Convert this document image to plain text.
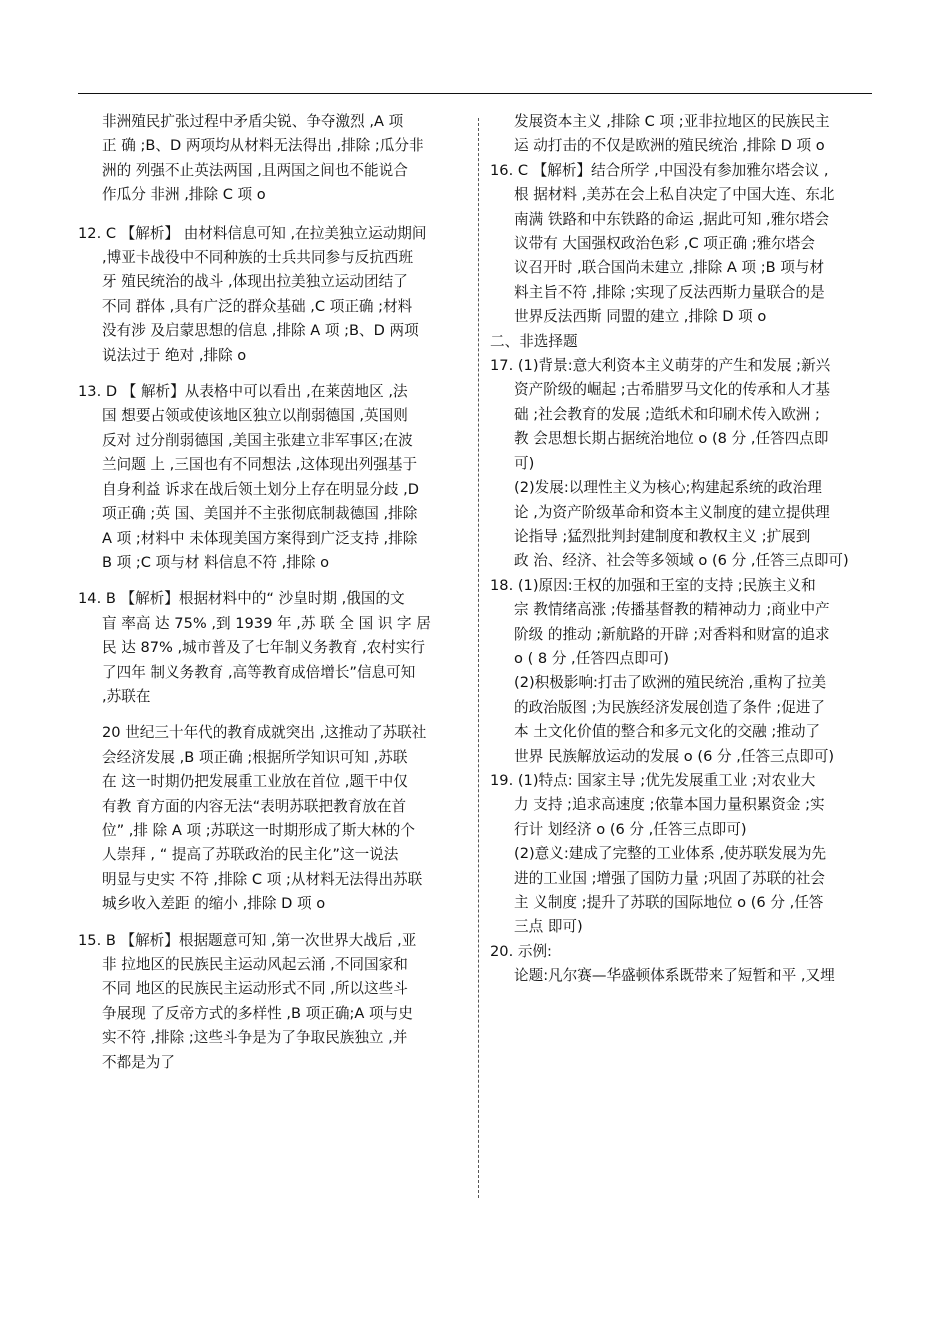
非洲殖民扩张过程中矛盾尖锐、争夺激烈 ,A 项
正 确 ;B、D 两项均从材料无法得出 ,排除 ;瓜分非
洲的 列强不止英法两国 ,且两国之间也不能说合
作瓜分 非洲 ,排除 C 项 o
12. C 【解析】 由材料信息可知 ,在拉美独立运动期间
,博亚卡战役中不同种族的士兵共同参与反抗西班
牙 殖民统治的战斗 ,体现出拉美独立运动团结了
不同 群体 ,具有广泛的群众基础 ,C 项正确 ;材料
没有涉 及启蒙思想的信息 ,排除 A 项 ;B、D 两项
说法过于 绝对 ,排除 o
13. D 【 解析】从表格中可以看出 ,在莱茵地区 ,法
国 想要占领或使该地区独立以削弱德国 ,英国则
反对 过分削弱德国 ,美国主张建立非军事区;在波
兰问题 上 ,三国也有不同想法 ,这体现出列强基于
自身利益 诉求在战后领土划分上存在明显分歧 ,D
项正确 ;英 国、美国并不主张彻底制裁德国 ,排除
A 项 ;材料中 未体现美国方案得到广泛支持 ,排除
B 项 ;C 项与材 料信息不符 ,排除 o
14. B 【解析】根据材料中的“ 沙皇时期 ,俄国的文
盲 率高 达 75% ,到 1939 年 ,苏 联 全 国 识 字 居
民 达 87% ,城市普及了七年制义务教育 ,农村实行
了四年 制义务教育 ,高等教育成倍增长”信息可知
,苏联在
20 世纪三十年代的教育成就突出 ,这推动了苏联社
会经济发展 ,B 项正确 ;根据所学知识可知 ,苏联
在 这一时期仍把发展重工业放在首位 ,题干中仅
有教 育方面的内容无法“表明苏联把教育放在首
位” ,排 除 A 项 ;苏联这一时期形成了斯大林的个
人崇拜 , “ 提高了苏联政治的民主化”这一说法
明显与史实 不符 ,排除 C 项 ;从材料无法得出苏联
城乡收入差距 的缩小 ,排除 D 项 o
15. B 【解析】根据题意可知 ,第一次世界大战后 ,亚
非 拉地区的民族民主运动风起云涌 ,不同国家和
不同 地区的民族民主运动形式不同 ,所以这些斗
争展现 了反帝方式的多样性 ,B 项正确;A 项与史
实不符 ,排除 ;这些斗争是为了争取民族独立 ,并
不都是为了
发展资本主义 ,排除 C 项 ;亚非拉地区的民族民主
运 动打击的不仅是欧洲的殖民统治 ,排除 D 项 o
16. C 【解析】结合所学 ,中国没有参加雅尔塔会议 ,
根 据材料 ,美苏在会上私自决定了中国大连、东北
南满 铁路和中东铁路的命运 ,据此可知 ,雅尔塔会
议带有 大国强权政治色彩 ,C 项正确 ;雅尔塔会
议召开时 ,联合国尚未建立 ,排除 A 项 ;B 项与材
料主旨不符 ,排除 ;实现了反法西斯力量联合的是
世界反法西斯 同盟的建立 ,排除 D 项 o
二、非选择题
17. (1)背景:意大利资本主义萌芽的产生和发展 ;新兴
资产阶级的崛起 ;古希腊罗马文化的传承和人才基
础 ;社会教育的发展 ;造纸术和印刷术传入欧洲 ;
教 会思想长期占据统治地位 o (8 分 ,任答四点即
可)
(2)发展:以理性主义为核心;构建起系统的政治理
论 ,为资产阶级革命和资本主义制度的建立提供理
论指导 ;猛烈批判封建制度和教权主义 ;扩展到
政 治、经济、社会等多领域 o (6 分 ,任答三点即可)
18. (1)原因:王权的加强和王室的支持 ;民族主义和
宗 教情绪高涨 ;传播基督教的精神动力 ;商业中产
阶级 的推动 ;新航路的开辟 ;对香料和财富的追求
o ( 8 分 ,任答四点即可)
(2)积极影响:打击了欧洲的殖民统治 ,重构了拉美
的政治版图 ;为民族经济发展创造了条件 ;促进了
本 土文化价值的整合和多元文化的交融 ;推动了
世界 民族解放运动的发展 o (6 分 ,任答三点即可)
19. (1)特点: 国家主导 ;优先发展重工业 ;对农业大
力 支持 ;追求高速度 ;依靠本国力量积累资金 ;实
行计 划经济 o (6 分 ,任答三点即可)
(2)意义:建成了完整的工业体系 ,使苏联发展为先
进的工业国 ;增强了国防力量 ;巩固了苏联的社会
主 义制度 ;提升了苏联的国际地位 o (6 分 ,任答
三点 即可)
20. 示例:
论题:凡尔赛—华盛顿体系既带来了短暂和平 ,又埋
